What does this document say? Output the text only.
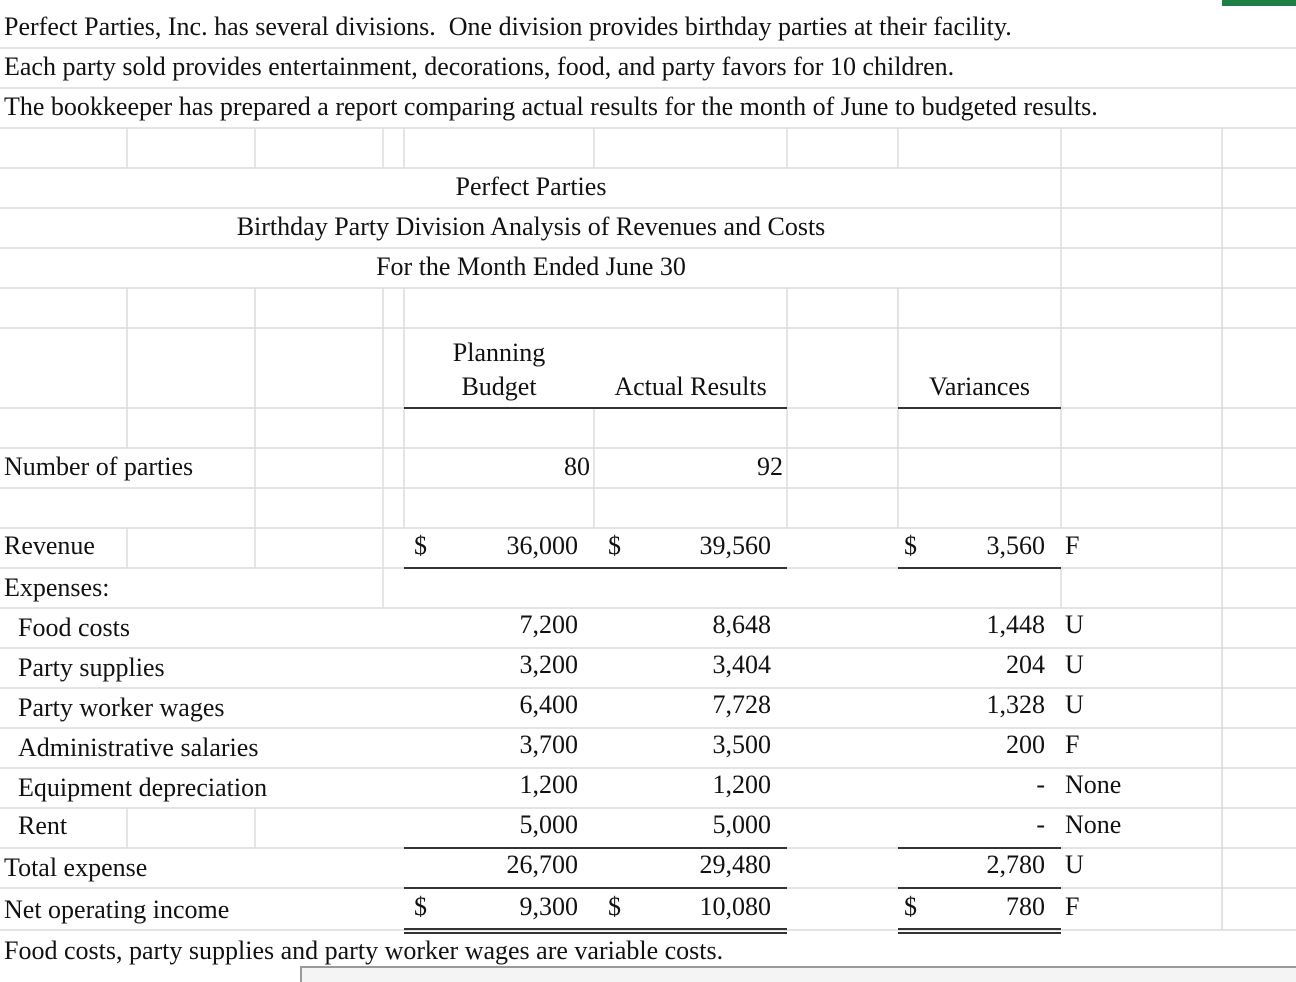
Perfect Parties, Inc. has several divisions.  One division provides birthday parties at their facility.
Each party sold provides entertainment, decorations, food, and party favors for 10 children.
The bookkeeper has prepared a report comparing actual results for the month of June to budgeted results.
Perfect Parties
Birthday Party Division Analysis of Revenues and Costs
For the Month Ended June 30
Planning
Budget	Actual Results	Variances
Number of parties	80	92
Revenue	$	36,000 $	39,560	$	3,560 F
Expenses:
Food costs	7,200	8,648	1,448 U
Party supplies	3,200	3,404	204 U
Party worker wages	6,400	7,728	1,328 U
Administrative salaries	3,700	3,500	200 F
Equipment depreciation	1,200	1,200	- None
Rent	5,000	5,000	- None
Total expense	26,700	29,480	2,780 U
Net operating income	$	9,300 $	10,080	$	780 F
Food costs, party supplies and party worker wages are variable costs.
